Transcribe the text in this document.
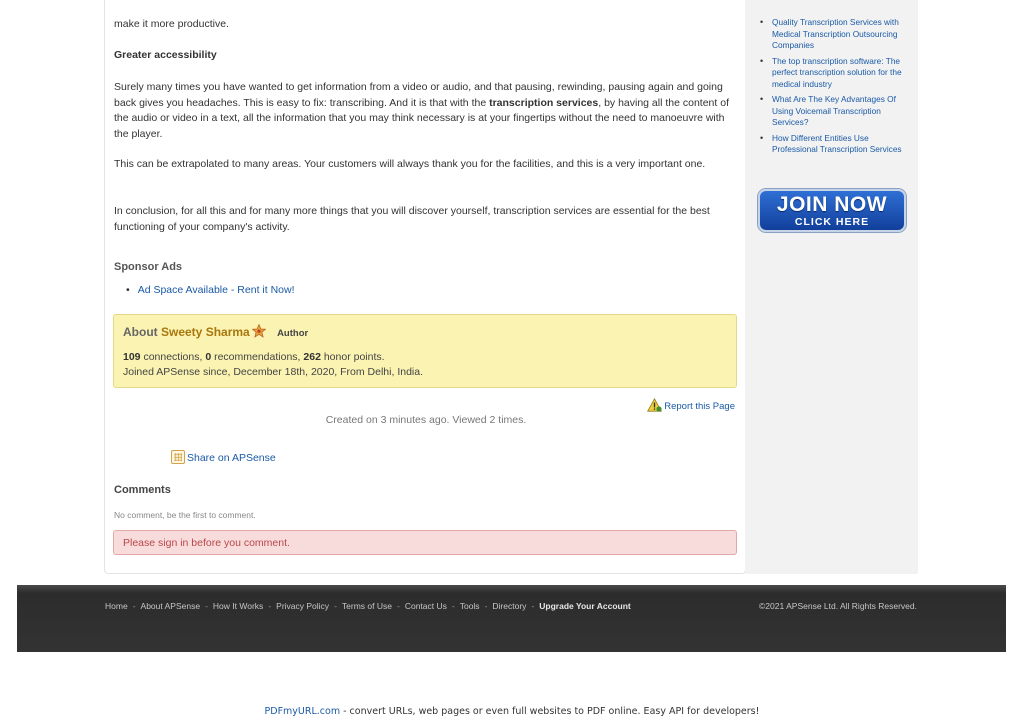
make it more productive.
Greater accessibility
Surely many times you have wanted to get information from a video or audio, and that pausing, rewinding, pausing again and going back gives you headaches. This is easy to fix: transcribing. And it is that with the transcription services, by having all the content of the audio or video in a text, all the information that you may think necessary is at your fingertips without the need to manoeuvre with the player.
This can be extrapolated to many areas. Your customers will always thank you for the facilities, and this is a very important one.
In conclusion, for all this and for many more things that you will discover yourself, transcription services are essential for the best functioning of your company's activity.
Sponsor Ads
• Ad Space Available - Rent it Now!
About Sweety Sharma	Author
109 connections, 0 recommendations, 262 honor points.
Joined APSense since, December 18th, 2020, From Delhi, India.
Report this Page
Created on 3 minutes ago. Viewed 2 times.
Share on APSense
Comments
No comment, be the first to comment.
Please sign in before you comment.
• Quality Transcription Services with Medical Transcription Outsourcing Companies
• The top transcription software: The perfect transcription solution for the medical industry
• What Are The Key Advantages Of Using Voicemail Transcription Services?
• How Different Entities Use Professional Transcription Services
JOIN NOW
CLICK HERE
Home - About APSense - How It Works - Privacy Policy - Terms of Use - Contact Us - Tools - Directory - Upgrade Your Account	©2021 APSense Ltd. All Rights Reserved.
PDFmyURL.com - convert URLs, web pages or even full websites to PDF online. Easy API for developers!
